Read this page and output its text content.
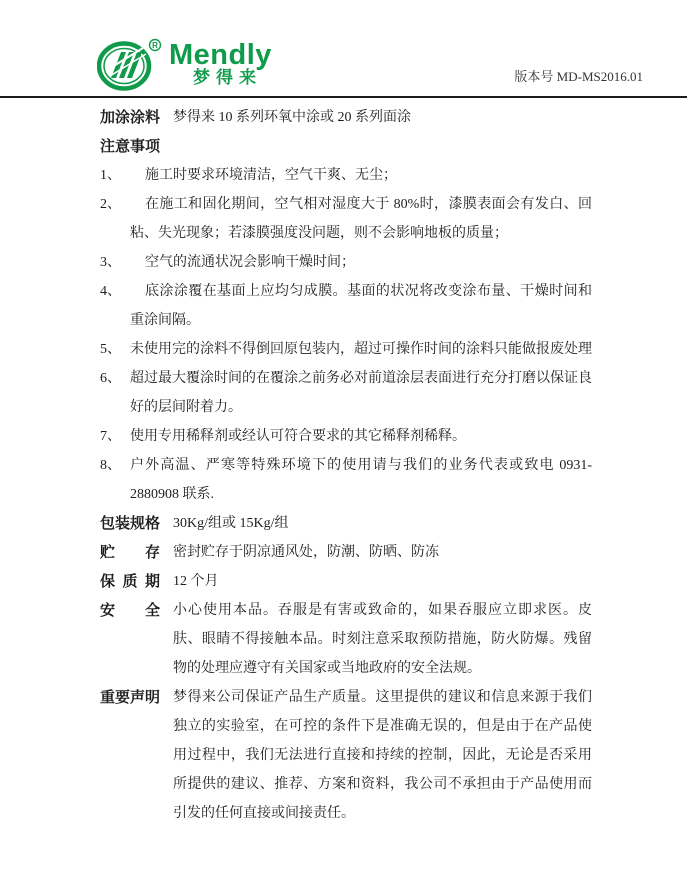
R Mendly
梦得来	版本号 MD-MS2016.01
加涂涂料 梦得来 10 系列环氧中涂或 20 系列面涂
注意事项
1、	施工时要求环境清洁，空气干爽、无尘；
2、	在施工和固化期间，空气相对湿度大于 80%时，漆膜表面会有发白、回粘、失光现象；若漆膜强度没问题，则不会影响地板的质量；
3、	空气的流通状况会影响干燥时间；
4、	底涂涂覆在基面上应均匀成膜。基面的状况将改变涂布量、干燥时间和重涂间隔。
5、 未使用完的涂料不得倒回原包装内，超过可操作时间的涂料只能做报废处理
6、 超过最大覆涂时间的在覆涂之前务必对前道涂层表面进行充分打磨以保证良好的层间附着力。
7、 使用专用稀释剂或经认可符合要求的其它稀释剂稀释。
8、 户外高温、严寒等特殊环境下的使用请与我们的业务代表或致电 0931-2880908 联系.
包装规格 30Kg/组或 15Kg/组
贮 存 密封贮存于阴凉通风处，防潮、防晒、防冻
保 质 期 12 个月
安 全 小心使用本品。吞服是有害或致命的，如果吞服应立即求医。皮肤、眼睛不得接触本品。时刻注意采取预防措施，防火防爆。残留物的处理应遵守有关国家或当地政府的安全法规。
重要声明 梦得来公司保证产品生产质量。这里提供的建议和信息来源于我们独立的实验室，在可控的条件下是准确无误的，但是由于在产品使用过程中，我们无法进行直接和持续的控制，因此，无论是否采用所提供的建议、推荐、方案和资料，我公司不承担由于产品使用而引发的任何直接或间接责任。
